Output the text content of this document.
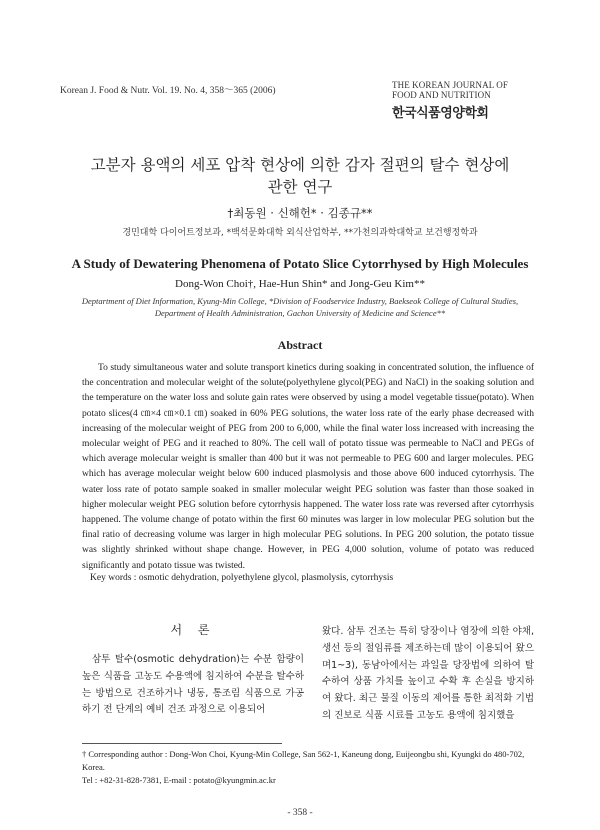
Korean J. Food & Nutr. Vol. 19. No. 4, 358～365 (2006)
THE KOREAN JOURNAL OF
FOOD AND NUTRITION
한국식품영양학회
고분자 용액의 세포 압착 현상에 의한 감자 절편의 탈수 현상에
관한 연구
†최동원 · 신해헌* · 김종규**
경민대학 다이어트정보과, *백석문화대학 외식산업학부, **가천의과학대학교 보건행정학과
A Study of Dewatering Phenomena of Potato Slice Cytorrhysed by High Molecules
Dong-Won Choi†, Hae-Hun Shin* and Jong-Geu Kim**
Deptartment of Diet Information, Kyung-Min College, *Division of Foodservice Industry, Baekseok College of Cultural Studies,
Department of Health Administration, Gachon University of Medicine and Science**
Abstract

To study simultaneous water and solute transport kinetics during soaking in concentrated solution, the influence of the concentration and molecular weight of the solute(polyethylene glycol(PEG) and NaCl) in the soaking solution and the temperature on the water loss and solute gain rates were observed by using a model vegetable tissue(potato). When potato slices(4 ㎝×4 ㎝×0.1 ㎝) soaked in 60% PEG solutions, the water loss rate of the early phase decreased with increasing of the molecular weight of PEG from 200 to 6,000, while the final water loss increased with increasing the molecular weight of PEG and it reached to 80%. The cell wall of potato tissue was permeable to NaCl and PEGs of which average molecular weight is smaller than 400 but it was not permeable to PEG 600 and larger molecules. PEG which has average molecular weight below 600 induced plasmolysis and those above 600 induced cytorrhysis. The water loss rate of potato sample soaked in smaller molecular weight PEG solution was faster than those soaked in higher molecular weight PEG solution before cytorrhysis happened. The water loss rate was reversed after cytorrhysis happened. The volume change of potato within the first 60 minutes was larger in low molecular PEG solution but the final ratio of decreasing volume was larger in high molecular PEG solutions. In PEG 200 solution, the potato tissue was slightly shrinked without shape change. However, in PEG 4,000 solution, volume of potato was reduced significantly and potato tissue was twisted.

Key words : osmotic dehydration, polyethylene glycol, plasmolysis, cytorrhysis
서 론

삼투 탈수(osmotic dehydration)는 수분 함량이 높은 식품을 고농도 수용액에 침지하여 수분을 탈수하는 방법으로 건조하거나 냉동, 통조림 식품으로 가공하기 전 단계의 예비 건조 과정으로 이용되어

왔다. 삼투 건조는 특히 당장이나 염장에 의한 야채, 생선 등의 절임류를 제조하는데 많이 이용되어 왔으며1~3), 동남아에서는 과일을 당장법에 의하여 탈수하여 상품 가치를 높이고 수확 후 손실을 방지하여 왔다. 최근 물질 이동의 제어를 통한 최적화 기법의 진보로 식품 시료를 고농도 용액에 침지했을

† Corresponding author : Dong-Won Choi, Kyung-Min College, San 562-1, Kaneung dong, Euijeongbu shi, Kyungki do 480-702, Korea.
Tel : +82-31-828-7381, E-mail : potato@kyungmin.ac.kr
- 358 -
